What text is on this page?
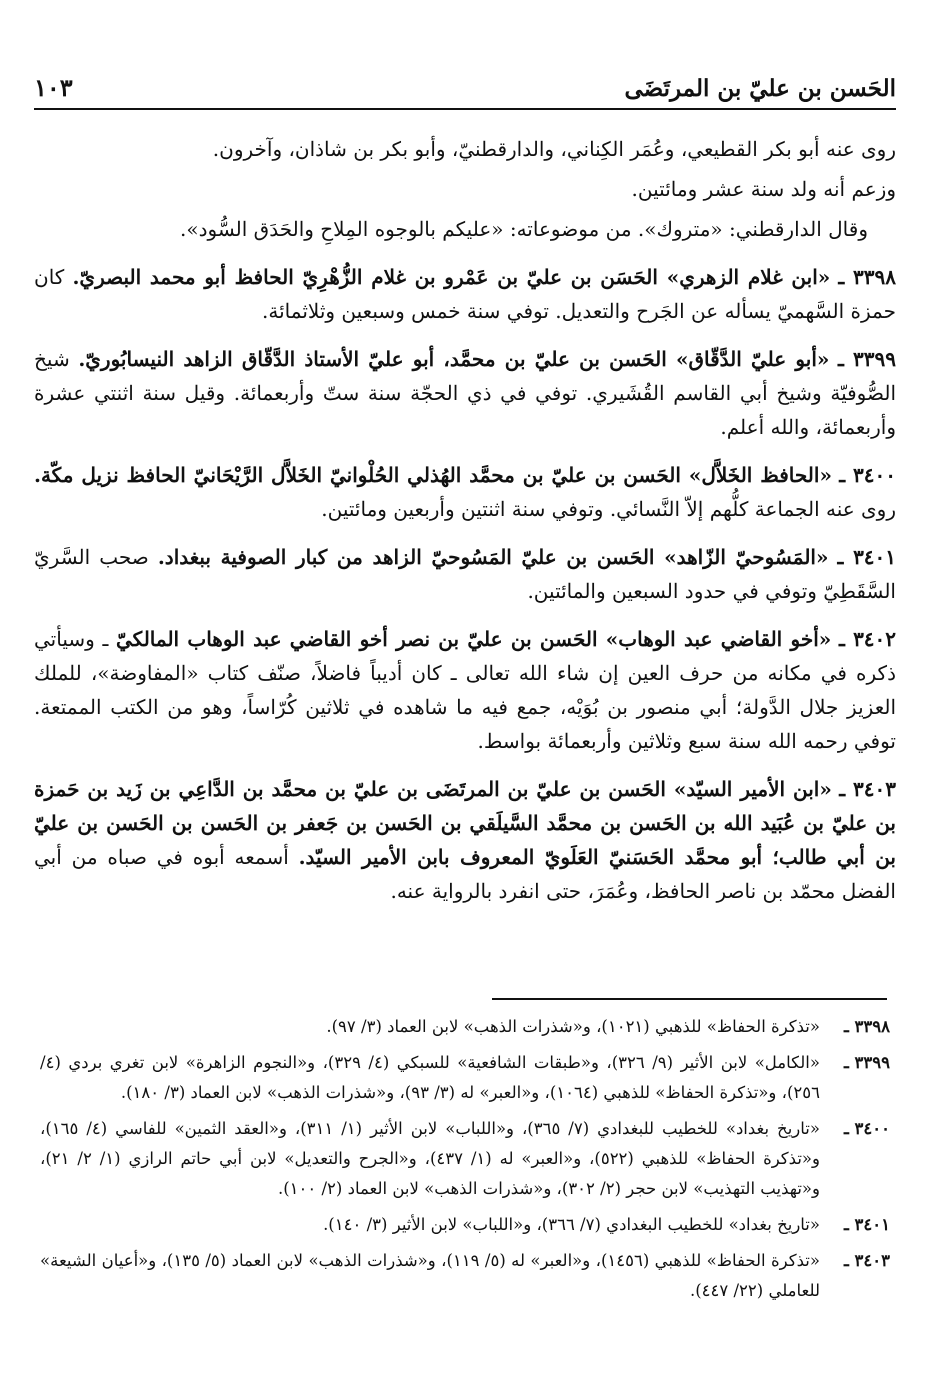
الحَسن بن عليّ بن المرتَضَى
١٠٣

روى عنه أبو بكر القطيعي، وعُمَر الكِناني، والدارقطنيّ، وأبو بكر بن شاذان، وآخرون.

وزعم أنه ولد سنة عشر ومائتين.

وقال الدارقطني: «متروك». من موضوعاته: «عليكم بالوجوه المِلاحِ والحَدَق السُّود».

٣٣٩٨ ـ «ابن غلام الزهري» الحَسَن بن عليّ بن عَمْرو بن غلام الزُّهْرِيّ الحافظ أبو محمد البصريّ. كان حمزة السَّهميّ يسأله عن الجَرح والتعديل. توفي سنة خمس وسبعين وثلاثمائة.

٣٣٩٩ ـ «أبو عليّ الدَّقّاق» الحَسن بن عليّ بن محمَّد، أبو عليّ الأستاذ الدَّقّاق الزاهد النيسابُوريّ. شيخ الصُّوفيّة وشيخ أبي القاسم القُشَيري. توفي في ذي الحجّة سنة ستّ وأربعمائة. وقيل سنة اثنتي عشرة وأربعمائة، والله أعلم.

٣٤٠٠ ـ «الحافظ الخَلاَّل» الحَسن بن عليّ بن محمَّد الهُذلي الحُلْوانيّ الخَلاَّل الرَّيْحَانيّ الحافظ نزيل مكّة. روى عنه الجماعة كلُّهم إلاّ النَّسائي. وتوفي سنة اثنتين وأربعين ومائتين.

٣٤٠١ ـ «المَسُوحيّ الزّاهد» الحَسن بن عليّ المَسُوحيّ الزاهد من كبار الصوفية ببغداد. صحب السَّريّ السَّقَطِيّ وتوفي في حدود السبعين والمائتين.

٣٤٠٢ ـ «أخو القاضي عبد الوهاب» الحَسن بن عليّ بن نصر أخو القاضي عبد الوهاب المالكيّ ـ وسيأتي ذكره في مكانه من حرف العين إن شاء الله تعالى ـ كان أديباً فاضلاً، صنّف كتاب «المفاوضة»، للملك العزيز جلال الدَّولة؛ أبي منصور بن بُوَيْه، جمع فيه ما شاهده في ثلاثين كُرّاساً، وهو من الكتب الممتعة. توفي رحمه الله سنة سبع وثلاثين وأربعمائة بواسط.

٣٤٠٣ ـ «ابن الأمير السيّد» الحَسن بن عليّ بن المرتَضَى بن عليّ بن محمَّد بن الدَّاعِي بن زَيد بن حَمزة بن عليّ بن عُبَيد الله بن الحَسن بن محمَّد السَّيلَقي بن الحَسن بن جَعفر بن الحَسن بن الحَسن بن عليّ بن أبي طالب؛ أبو محمَّد الحَسَنيّ العَلَويّ المعروف بابن الأمير السيّد. أسمعه أبوه في صباه من أبي الفضل محمّد بن ناصر الحافظ، وعُمَرَ، حتى انفرد بالرواية عنه.

٣٣٩٨ ـ
«تذكرة الحفاظ» للذهبي (١٠٢١)، و«شذرات الذهب» لابن العماد (٣/ ٩٧).
٣٣٩٩ ـ
«الكامل» لابن الأثير (٩/ ٣٢٦)، و«طبقات الشافعية» للسبكي (٤/ ٣٢٩)، و«النجوم الزاهرة» لابن تغري بردي (٤/ ٢٥٦)، و«تذكرة الحفاظ» للذهبي (١٠٦٤)، و«العبر» له (٣/ ٩٣)، و«شذرات الذهب» لابن العماد (٣/ ١٨٠).
٣٤٠٠ ـ
«تاريخ بغداد» للخطيب للبغدادي (٧/ ٣٦٥)، و«اللباب» لابن الأثير (١/ ٣١١)، و«العقد الثمين» للفاسي (٤/ ١٦٥)، و«تذكرة الحفاظ» للذهبي (٥٢٢)، و«العبر» له (١/ ٤٣٧)، و«الجرح والتعديل» لابن أبي حاتم الرازي (١/ ٢/ ٢١)، و«تهذيب التهذيب» لابن حجر (٢/ ٣٠٢)، و«شذرات الذهب» لابن العماد (٢/ ١٠٠).
٣٤٠١ ـ
«تاريخ بغداد» للخطيب البغدادي (٧/ ٣٦٦)، و«اللباب» لابن الأثير (٣/ ١٤٠).
٣٤٠٣ ـ
«تذكرة الحفاظ» للذهبي (١٤٥٦)، و«العبر» له (٥/ ١١٩)، و«شذرات الذهب» لابن العماد (٥/ ١٣٥)، و«أعيان الشيعة» للعاملي (٢٢/ ٤٤٧).
